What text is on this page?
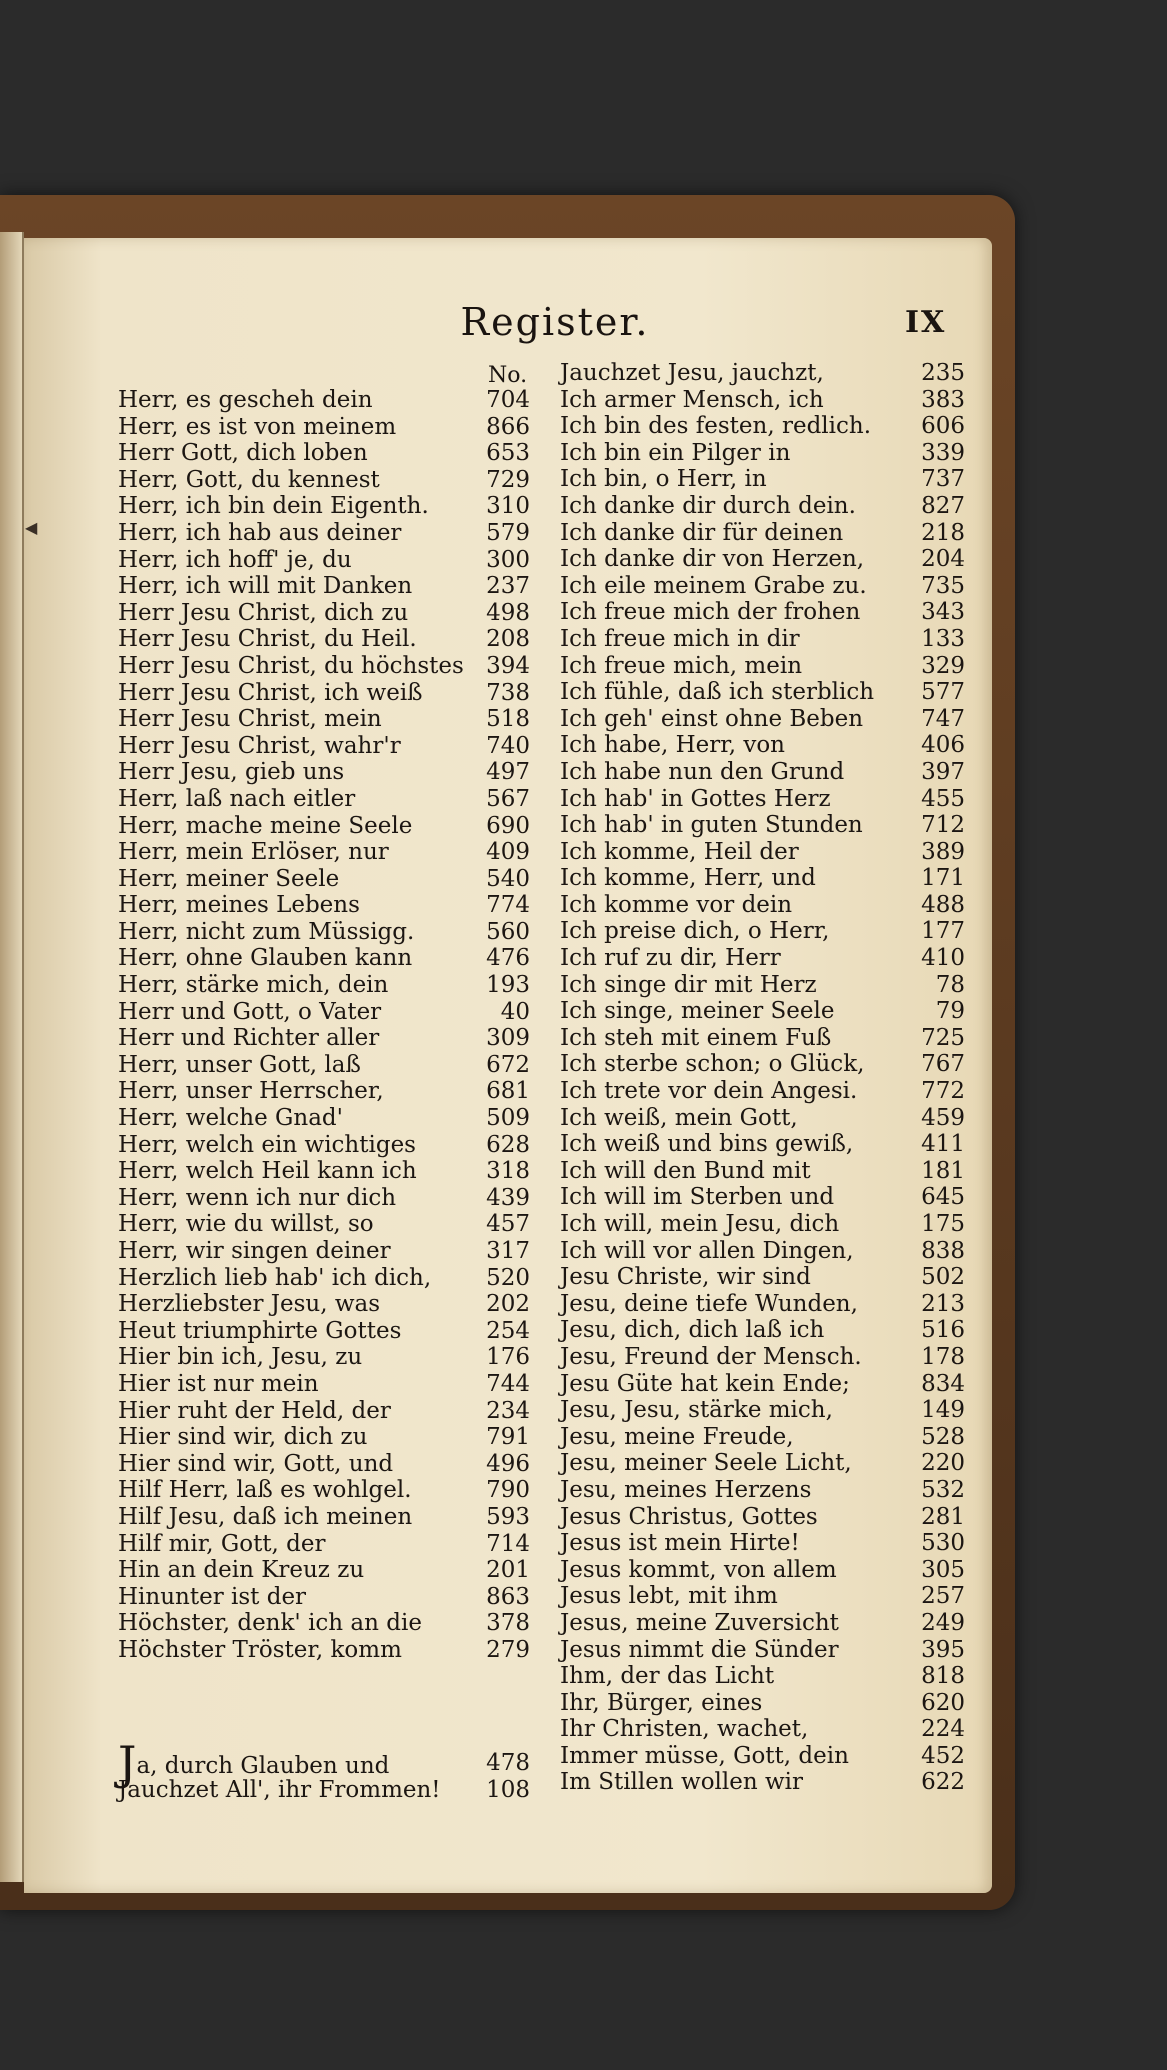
◀
Register.	IX
No.
Herr, es gescheh dein	704
Herr, es ist von meinem	866
Herr Gott, dich loben	653
Herr, Gott, du kennest	729
Herr, ich bin dein Eigenth. 310
Herr, ich hab aus deiner	579
Herr, ich hoff' je, du	300
Herr, ich will mit Danken	237
Herr Jesu Christ, dich zu	498
Herr Jesu Christ, du Heil.	208
Herr Jesu Christ, du höchstes 394
Herr Jesu Christ, ich weiß	738
Herr Jesu Christ, mein	518
Herr Jesu Christ, wahr'r	740
Herr Jesu, gieb uns	497
Herr, laß nach eitler	567
Herr, mache meine Seele	690
Herr, mein Erlöser, nur	409
Herr, meiner Seele	540
Herr, meines Lebens	774
Herr, nicht zum Müssigg.	560
Herr, ohne Glauben kann	476
Herr, stärke mich, dein	193
Herr und Gott, o Vater	40
Herr und Richter aller	309
Herr, unser Gott, laß	672
Herr, unser Herrscher,	681
Herr, welche Gnad'	509
Herr, welch ein wichtiges	628
Herr, welch Heil kann ich	318
Herr, wenn ich nur dich	439
Herr, wie du willst, so	457
Herr, wir singen deiner	317
Herzlich lieb hab' ich dich, 520
Herzliebster Jesu, was	202
Heut triumphirte Gottes	254
Hier bin ich, Jesu, zu	176
Hier ist nur mein	744
Hier ruht der Held, der	234
Hier sind wir, dich zu	791
Hier sind wir, Gott, und	496
Hilf Herr, laß es wohlgel.	790
Hilf Jesu, daß ich meinen	593
Hilf mir, Gott, der	714
Hin an dein Kreuz zu	201
Hinunter ist der	863
Höchster, denk' ich an die	378
Höchster Tröster, komm	279
Ja, durch Glauben und	478
Jauchzet All', ihr Frommen! 108
Jauchzet Jesu, jauchzt,	235
Ich armer Mensch, ich	383
Ich bin des festen, redlich. 606
Ich bin ein Pilger in	339
Ich bin, o Herr, in	737
Ich danke dir durch dein.	827
Ich danke dir für deinen	218
Ich danke dir von Herzen, 204
Ich eile meinem Grabe zu. 735
Ich freue mich der frohen	343
Ich freue mich in dir	133
Ich freue mich, mein	329
Ich fühle, daß ich sterblich 577
Ich geh' einst ohne Beben	747
Ich habe, Herr, von	406
Ich habe nun den Grund	397
Ich hab' in Gottes Herz	455
Ich hab' in guten Stunden	712
Ich komme, Heil der	389
Ich komme, Herr, und	171
Ich komme vor dein	488
Ich preise dich, o Herr,	177
Ich ruf zu dir, Herr	410
Ich singe dir mit Herz	78
Ich singe, meiner Seele	79
Ich steh mit einem Fuß	725
Ich sterbe schon; o Glück, 767
Ich trete vor dein Angesi.	772
Ich weiß, mein Gott,	459
Ich weiß und bins gewiß,	411
Ich will den Bund mit	181
Ich will im Sterben und	645
Ich will, mein Jesu, dich	175
Ich will vor allen Dingen,	838
Jesu Christe, wir sind	502
Jesu, deine tiefe Wunden,	213
Jesu, dich, dich laß ich	516
Jesu, Freund der Mensch.	178
Jesu Güte hat kein Ende;	834
Jesu, Jesu, stärke mich,	149
Jesu, meine Freude,	528
Jesu, meiner Seele Licht,	220
Jesu, meines Herzens	532
Jesus Christus, Gottes	281
Jesus ist mein Hirte!	530
Jesus kommt, von allem	305
Jesus lebt, mit ihm	257
Jesus, meine Zuversicht	249
Jesus nimmt die Sünder	395
Ihm, der das Licht	818
Ihr, Bürger, eines	620
Ihr Christen, wachet,	224
Immer müsse, Gott, dein	452
Im Stillen wollen wir	622
